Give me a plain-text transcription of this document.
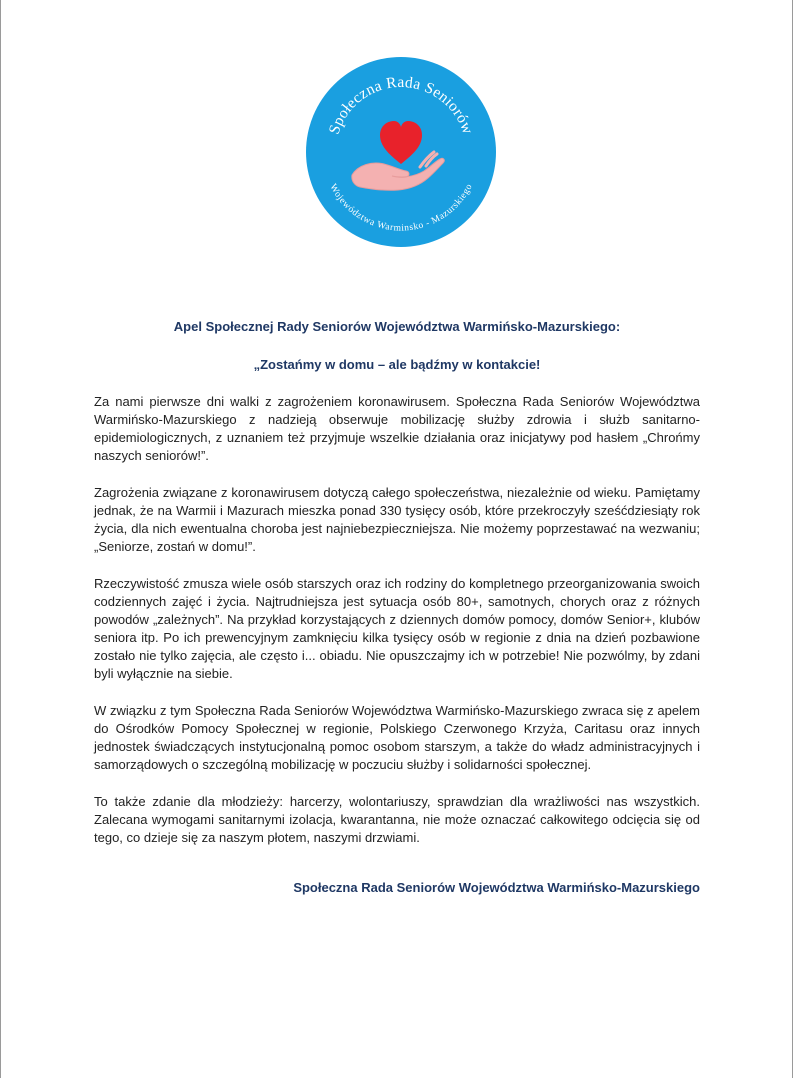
Społeczna Rada Seniorów
Województwa Warminsko - Mazurskiego

Apel Społecznej Rady Seniorów Województwa Warmińsko-Mazurskiego:

„Zostańmy w domu – ale bądźmy w kontakcie!

Za nami pierwsze dni walki z zagrożeniem koronawirusem. Społeczna Rada Seniorów Województwa Warmińsko-Mazurskiego z nadzieją obserwuje mobilizację służby zdrowia i służb sanitarno-epidemiologicznych, z uznaniem też przyjmuje wszelkie działania oraz inicjatywy pod hasłem „Chrońmy naszych seniorów!”.

Zagrożenia związane z koronawirusem dotyczą całego społeczeństwa, niezależnie od wieku. Pamiętamy jednak, że na Warmii i Mazurach mieszka ponad 330 tysięcy osób, które przekroczyły sześćdziesiąty rok życia, dla nich ewentualna choroba jest najniebezpieczniejsza. Nie możemy poprzestawać na wezwaniu; „Seniorze, zostań w domu!”.

Rzeczywistość zmusza wiele osób starszych oraz ich rodziny do kompletnego przeorganizowania swoich codziennych zajęć i życia. Najtrudniejsza jest sytuacja osób 80+, samotnych, chorych oraz z różnych powodów „zależnych”. Na przykład korzystających z dziennych domów pomocy, domów Senior+, klubów seniora itp. Po ich prewencyjnym zamknięciu kilka tysięcy osób w regionie z dnia na dzień pozbawione zostało nie tylko zajęcia, ale często i... obiadu. Nie opuszczajmy ich w potrzebie! Nie pozwólmy, by zdani byli wyłącznie na siebie.

W związku z tym Społeczna Rada Seniorów Województwa Warmińsko-Mazurskiego zwraca się z apelem do Ośrodków Pomocy Społecznej w regionie, Polskiego Czerwonego Krzyża, Caritasu oraz innych jednostek świadczących instytucjonalną pomoc osobom starszym, a także do władz administracyjnych i samorządowych o szczególną mobilizację w poczuciu służby i solidarności społecznej.

To także zdanie dla młodzieży: harcerzy, wolontariuszy, sprawdzian dla wrażliwości nas wszystkich. Zalecana wymogami sanitarnymi izolacja, kwarantanna, nie może oznaczać całkowitego odcięcia się od tego, co dzieje się za naszym płotem, naszymi drzwiami.

Społeczna Rada Seniorów Województwa Warmińsko-Mazurskiego
